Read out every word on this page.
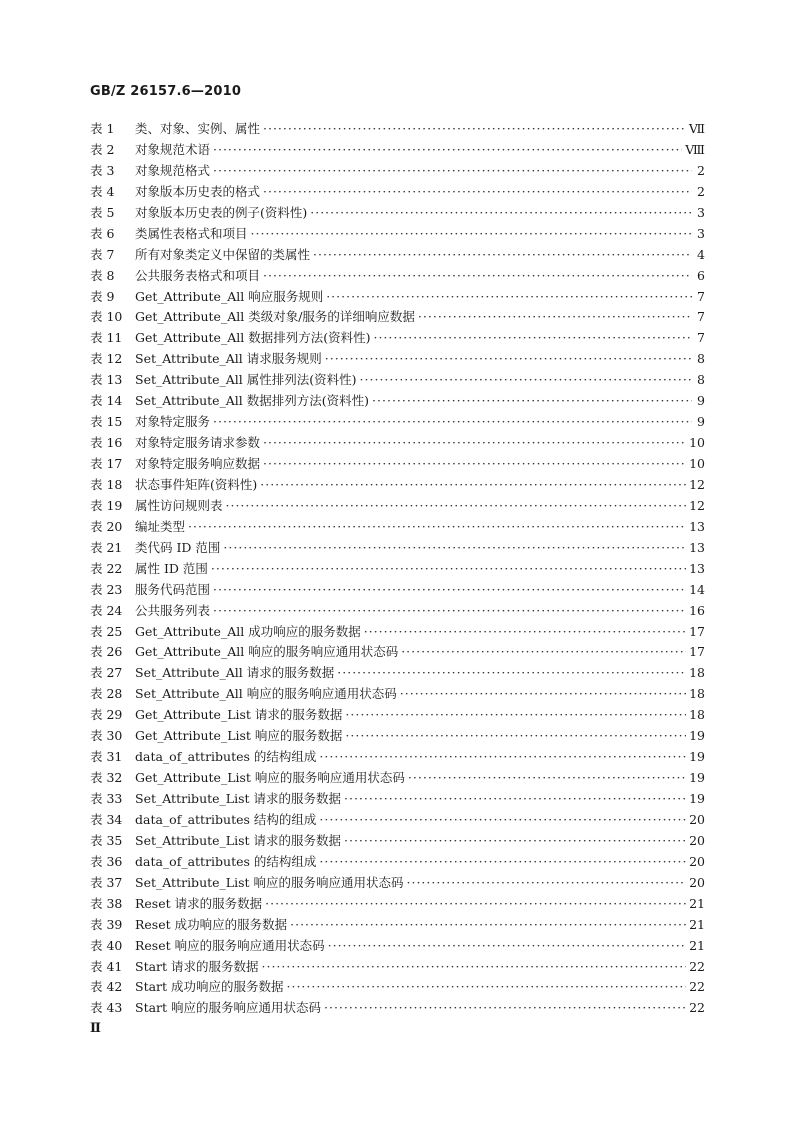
GB/Z 26157.6—2010
表 1	类、对象、实例、属性 ·····	Ⅶ
表 2	对象规范术语 ·····	Ⅷ
表 3	对象规范格式 ·····	2
表 4	对象版本历史表的格式 ·····	2
表 5	对象版本历史表的例子(资料性) ·····	3
表 6	类属性表格式和项目 ·····	3
表 7	所有对象类定义中保留的类属性 ·····	4
表 8	公共服务表格式和项目 ·····	6
表 9	Get_Attribute_All 响应服务规则 ·····	7
表 10	Get_Attribute_All 类级对象/服务的详细响应数据 ·····	7
表 11	Get_Attribute_All 数据排列方法(资料性) ·····	7
表 12	Set_Attribute_All 请求服务规则 ·····	8
表 13	Set_Attribute_All 属性排列法(资料性) ·····	8
表 14	Set_Attribute_All 数据排列方法(资料性) ·····	9
表 15	对象特定服务 ·····	9
表 16	对象特定服务请求参数 ·····	10
表 17	对象特定服务响应数据 ·····	10
表 18	状态事件矩阵(资料性) ·····	12
表 19	属性访问规则表 ·····	12
表 20	编址类型 ·····	13
表 21	类代码 ID 范围 ·····	13
表 22	属性 ID 范围 ·····	13
表 23	服务代码范围 ·····	14
表 24	公共服务列表 ·····	16
表 25	Get_Attribute_All 成功响应的服务数据 ·····	17
表 26	Get_Attribute_All 响应的服务响应通用状态码 ·····	17
表 27	Set_Attribute_All 请求的服务数据 ·····	18
表 28	Set_Attribute_All 响应的服务响应通用状态码 ·····	18
表 29	Get_Attribute_List 请求的服务数据 ·····	18
表 30	Get_Attribute_List 响应的服务数据 ·····	19
表 31	data_of_attributes 的结构组成 ·····	19
表 32	Get_Attribute_List 响应的服务响应通用状态码 ·····	19
表 33	Set_Attribute_List 请求的服务数据 ·····	19
表 34	data_of_attributes 结构的组成 ·····	20
表 35	Set_Attribute_List 请求的服务数据 ·····	20
表 36	data_of_attributes 的结构组成 ·····	20
表 37	Set_Attribute_List 响应的服务响应通用状态码 ·····	20
表 38	Reset 请求的服务数据 ·····	21
表 39	Reset 成功响应的服务数据 ·····	21
表 40	Reset 响应的服务响应通用状态码 ·····	21
表 41	Start 请求的服务数据 ·····	22
表 42	Start 成功响应的服务数据 ·····	22
表 43	Start 响应的服务响应通用状态码 ·····	22
Ⅱ
